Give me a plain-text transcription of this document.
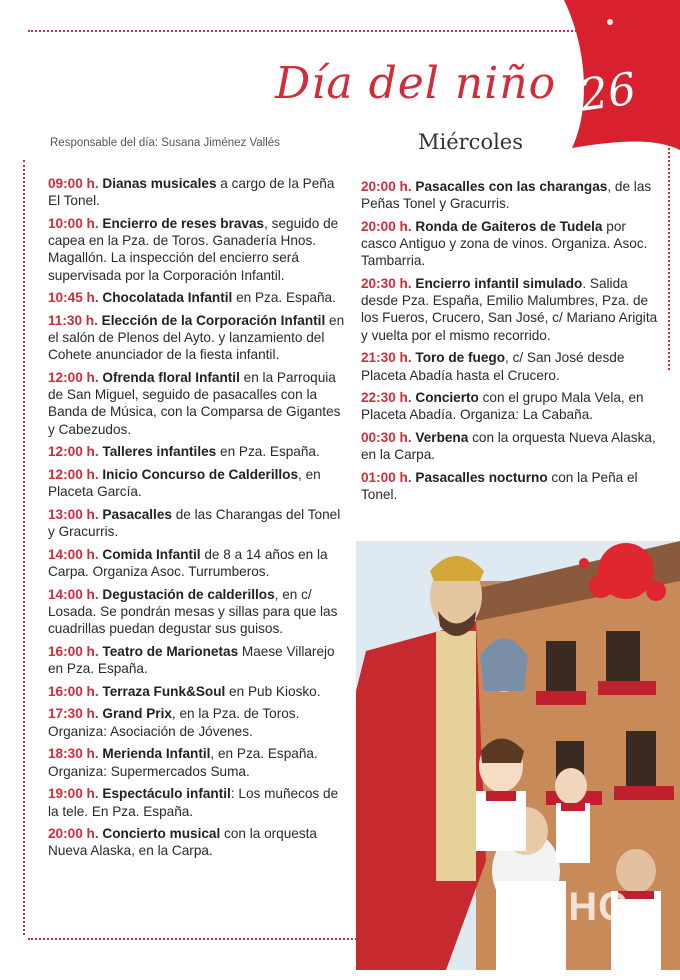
26
Día del niño
Miércoles
Responsable del día: Susana Jiménez Vallés

09:00 h. Dianas musicales a cargo de la Peña El Tonel.

10:00 h. Encierro de reses bravas, seguido de capea en la Pza. de Toros. Ganadería Hnos. Magallón. La inspección del encierro será supervisada por la Corporación Infantil.

10:45 h. Chocolatada Infantil en Pza. España.

11:30 h. Elección de la Corporación Infantil en el salón de Plenos del Ayto. y lanzamiento del Cohete anunciador de la fiesta infantil.

12:00 h. Ofrenda floral Infantil en la Parroquia de San Miguel, seguido de pasacalles con la Banda de Música, con la Comparsa de Gigantes y Cabezudos.

12:00 h. Talleres infantiles en Pza. España.

12:00 h. Inicio Concurso de Calderillos, en Placeta García.

13:00 h. Pasacalles de las Charangas del Tonel y Gracurris.

14:00 h. Comida Infantil de 8 a 14 años en la Carpa. Organiza Asoc. Turrumberos.

14:00 h. Degustación de calderillos, en c/ Losada. Se pondrán mesas y sillas para que las cuadrillas puedan degustar sus guisos.

16:00 h. Teatro de Marionetas Maese Villarejo en Pza. España.

16:00 h. Terraza Funk&Soul en Pub Kiosko.

17:30 h. Grand Prix, en la Pza. de Toros. Organiza: Asociación de Jóvenes.

18:30 h. Merienda Infantil, en Pza. España. Organiza: Supermercados Suma.

19:00 h. Espectáculo infantil: Los muñecos de la tele. En Pza. España.

20:00 h. Concierto musical con la orquesta Nueva Alaska, en la Carpa.

20:00 h. Pasacalles con las charangas, de las Peñas Tonel y Gracurris.

20:00 h. Ronda de Gaiteros de Tudela por casco Antiguo y zona de vinos. Organiza. Asoc. Tambarria.

20:30 h. Encierro infantil simulado. Salida desde Pza. España, Emilio Malumbres, Pza. de los Fueros, Crucero, San José, c/ Mariano Arigita y vuelta por el mismo recorrido.

21:30 h. Toro de fuego, c/ San José desde Placeta Abadía hasta el Crucero.

22:30 h. Concierto con el grupo Mala Vela, en Placeta Abadía. Organiza: La Cabaña.

00:30 h. Verbena con la orquesta Nueva Alaska, en la Carpa.

01:00 h. Pasacalles nocturno con la Peña el Tonel.

APHC
